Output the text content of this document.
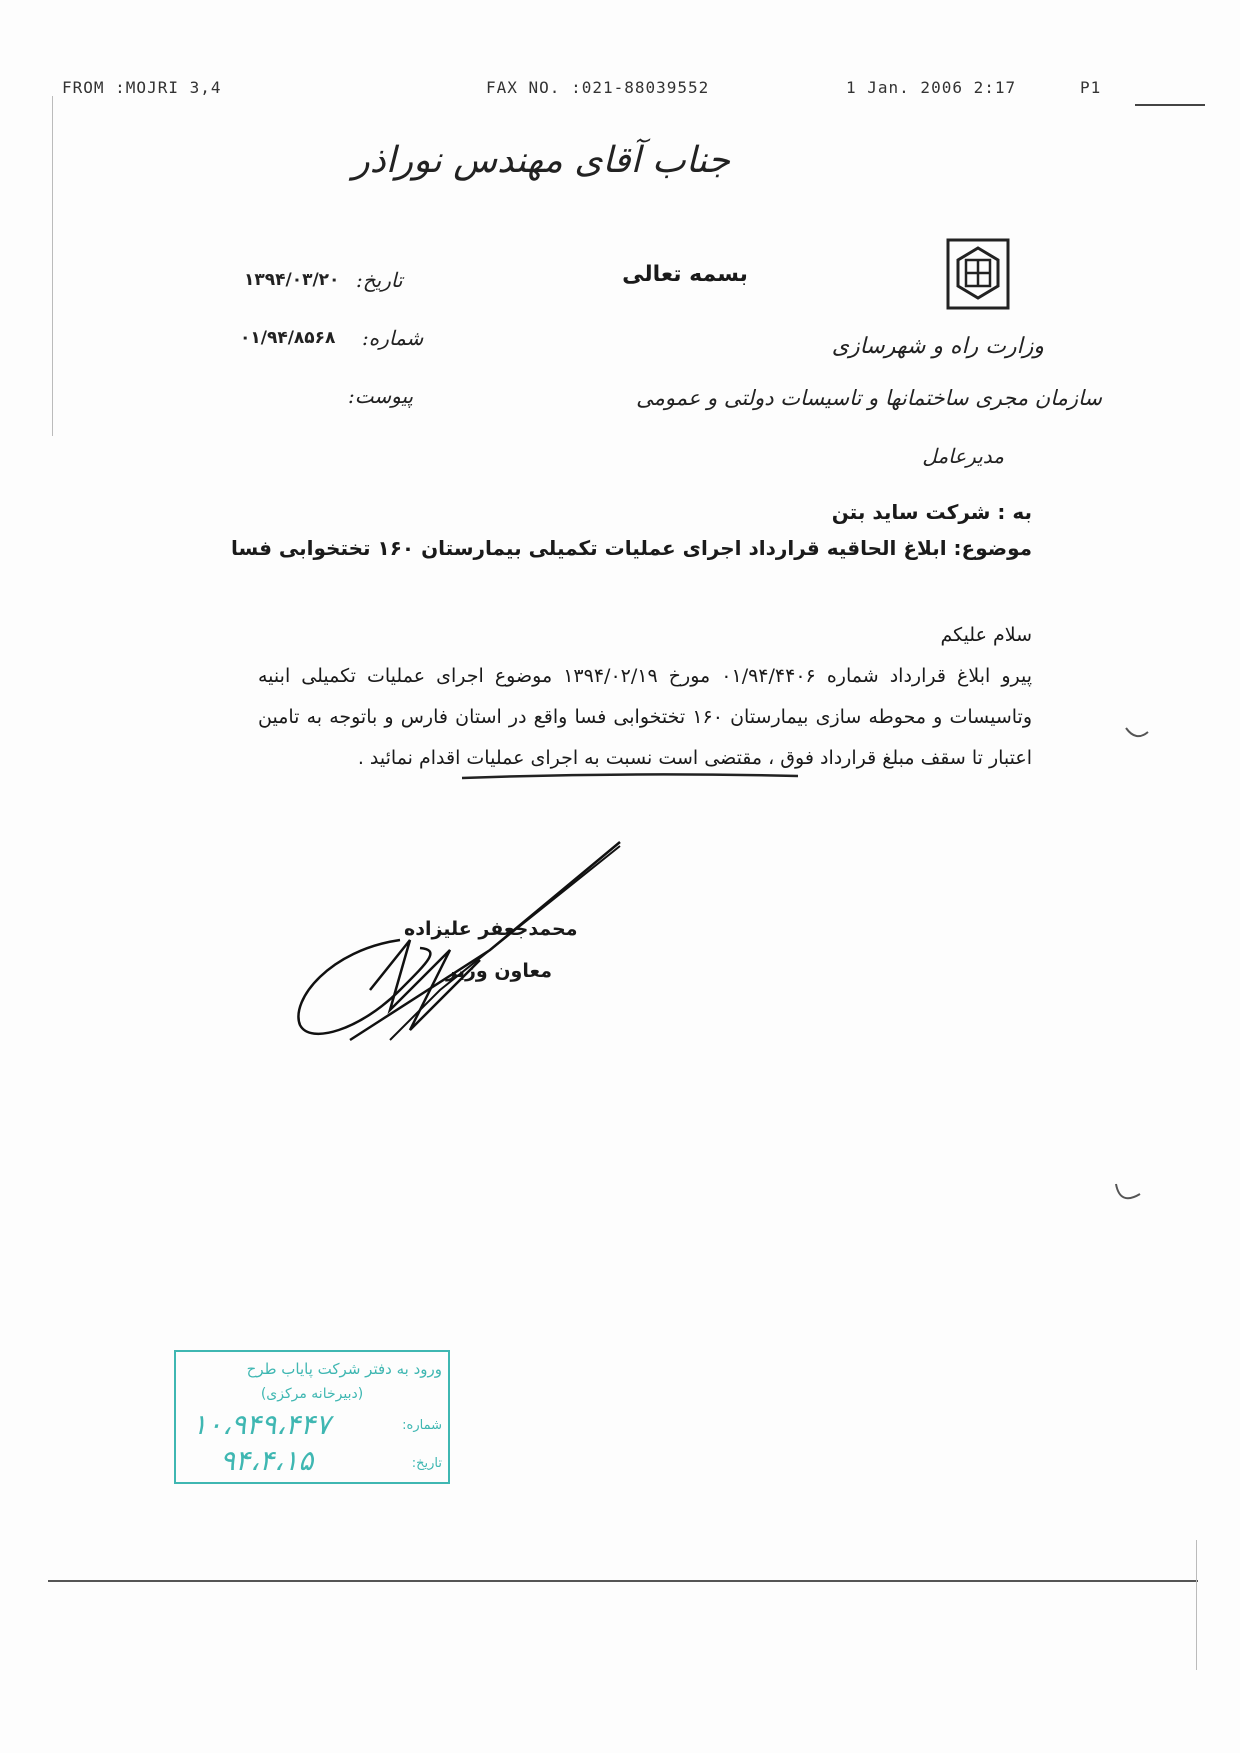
FROM :MOJRI 3,4	FAX NO. :021-88039552	1 Jan. 2006 2:17	P1
جناب آقای مهندس نوراذر
بسمه تعالی
تاریخ:
۱۳۹۴/۰۳/۲۰
شماره:
۰۱/۹۴/۸۵۶۸
پیوست:
وزارت راه و شهرسازی
سازمان مجری ساختمانها و تاسیسات دولتی و عمومی
مدیرعامل
به : شرکت ساید بتن
موضوع: ابلاغ الحاقیه قرارداد اجرای عملیات تکمیلی بیمارستان ۱۶۰ تختخوابی فسا
سلام علیکم
پیرو ابلاغ قرارداد شماره ۰۱/۹۴/۴۴۰۶ مورخ ۱۳۹۴/۰۲/۱۹ موضوع اجرای عملیات تکمیلی ابنیه وتاسیسات و محوطه سازی بیمارستان ۱۶۰ تختخوابی فسا واقع در استان فارس و باتوجه به تامین اعتبار تا سقف مبلغ قرارداد فوق ، مقتضی است نسبت به اجرای عملیات اقدام نمائید .
محمدجعفر علیزاده
معاون وزیر
ورود به دفتر شرکت پایاب طرح
(دبیرخانه مرکزی)
شماره:
۱۰،۹۴۹،۴۴۷
تاریخ:
۹۴،۴،۱۵
